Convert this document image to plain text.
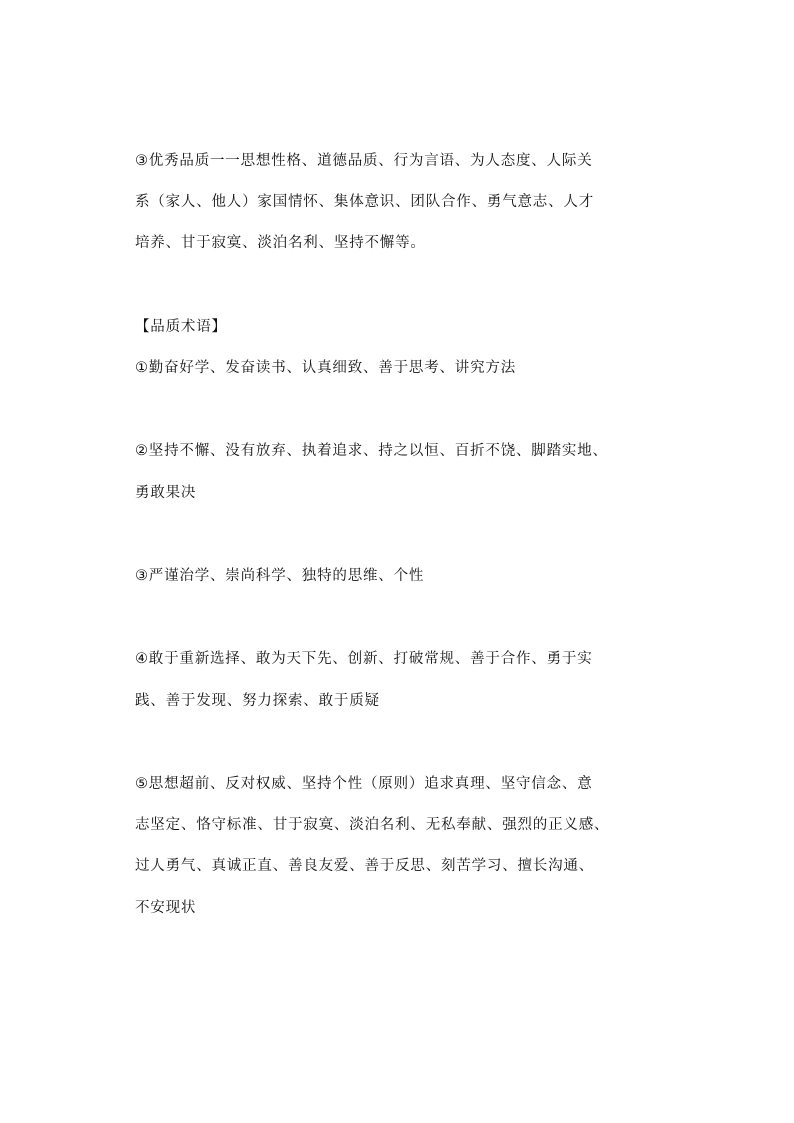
③优秀品质一一思想性格、道德品质、行为言语、为人态度、人际关

系（家人、他人）家国情怀、集体意识、团队合作、勇气意志、人才

培养、甘于寂寞、淡泊名利、坚持不懈等。

【品质术语】

①勤奋好学、发奋读书、认真细致、善于思考、讲究方法

②坚持不懈、没有放弃、执着追求、持之以恒、百折不饶、脚踏实地、

勇敢果决

③严谨治学、崇尚科学、独特的思维、个性

④敢于重新选择、敢为天下先、创新、打破常规、善于合作、勇于实

践、善于发现、努力探索、敢于质疑

⑤思想超前、反对权威、坚持个性（原则）追求真理、坚守信念、意

志坚定、恪守标准、甘于寂寞、淡泊名利、无私奉献、强烈的正义感、

过人勇气、真诚正直、善良友爱、善于反思、刻苦学习、擅长沟通、

不安现状
